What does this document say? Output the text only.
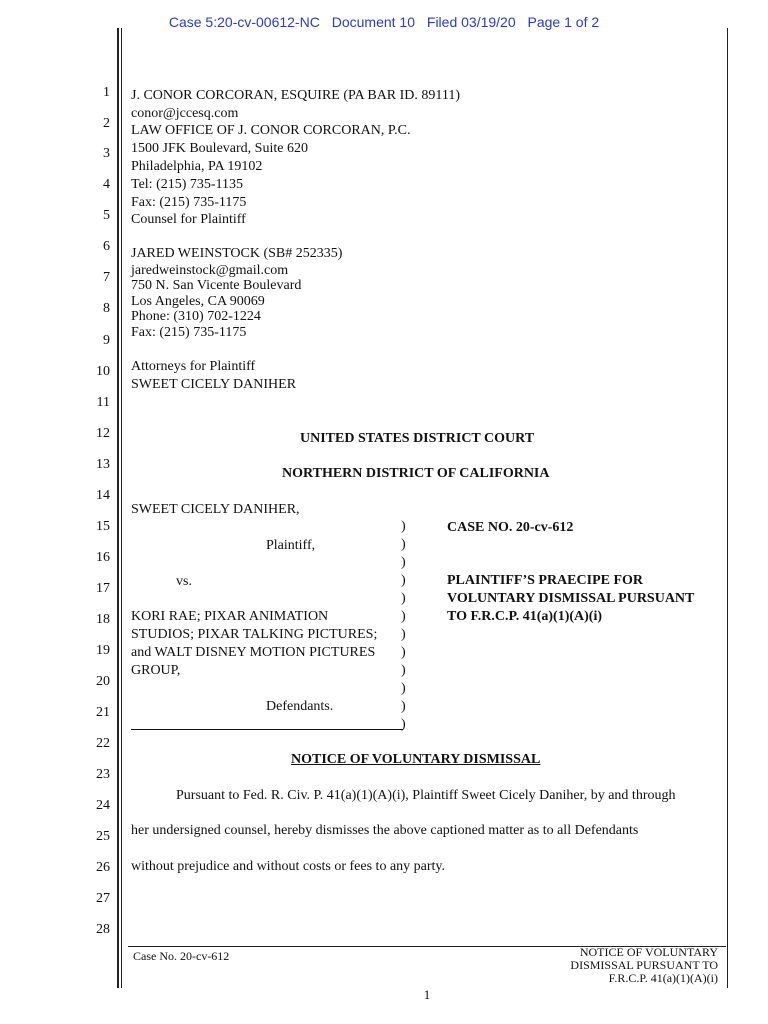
Case 5:20-cv-00612-NC Document 10 Filed 03/19/20 Page 1 of 2
1
2
3
4
5
6
7
8
9
10
11
12
13
14
15
16
17
18
19
20
21
22
23
24
25
26
27
28
J. CONOR CORCORAN, ESQUIRE (PA BAR ID. 89111)
conor@jccesq.com
LAW OFFICE OF J. CONOR CORCORAN, P.C.
1500 JFK Boulevard, Suite 620
Philadelphia, PA 19102
Tel: (215) 735-1135
Fax: (215) 735-1175
Counsel for Plaintiff
JARED WEINSTOCK (SB# 252335)
jaredweinstock@gmail.com
750 N. San Vicente Boulevard
Los Angeles, CA 90069
Phone: (310) 702-1224
Fax: (215) 735-1175
Attorneys for Plaintiff
SWEET CICELY DANIHER
UNITED STATES DISTRICT COURT
NORTHERN DISTRICT OF CALIFORNIA
SWEET CICELY DANIHER,
Plaintiff,
vs.
KORI RAE; PIXAR ANIMATION
STUDIOS; PIXAR TALKING PICTURES;
and WALT DISNEY MOTION PICTURES
GROUP,
Defendants.
)
)
)
)
)
)
)
)
)
)
)
)
CASE NO. 20-cv-612
PLAINTIFF’S PRAECIPE FOR
VOLUNTARY DISMISSAL PURSUANT
TO F.R.C.P. 41(a)(1)(A)(i)
NOTICE OF VOLUNTARY DISMISSAL
Pursuant to Fed. R. Civ. P. 41(a)(1)(A)(i), Plaintiff Sweet Cicely Daniher, by and through
her undersigned counsel, hereby dismisses the above captioned matter as to all Defendants
without prejudice and without costs or fees to any party.
Case No. 20-cv-612	NOTICE OF VOLUNTARY
DISMISSAL PURSUANT TO
F.R.C.P. 41(a)(1)(A)(i)
1
